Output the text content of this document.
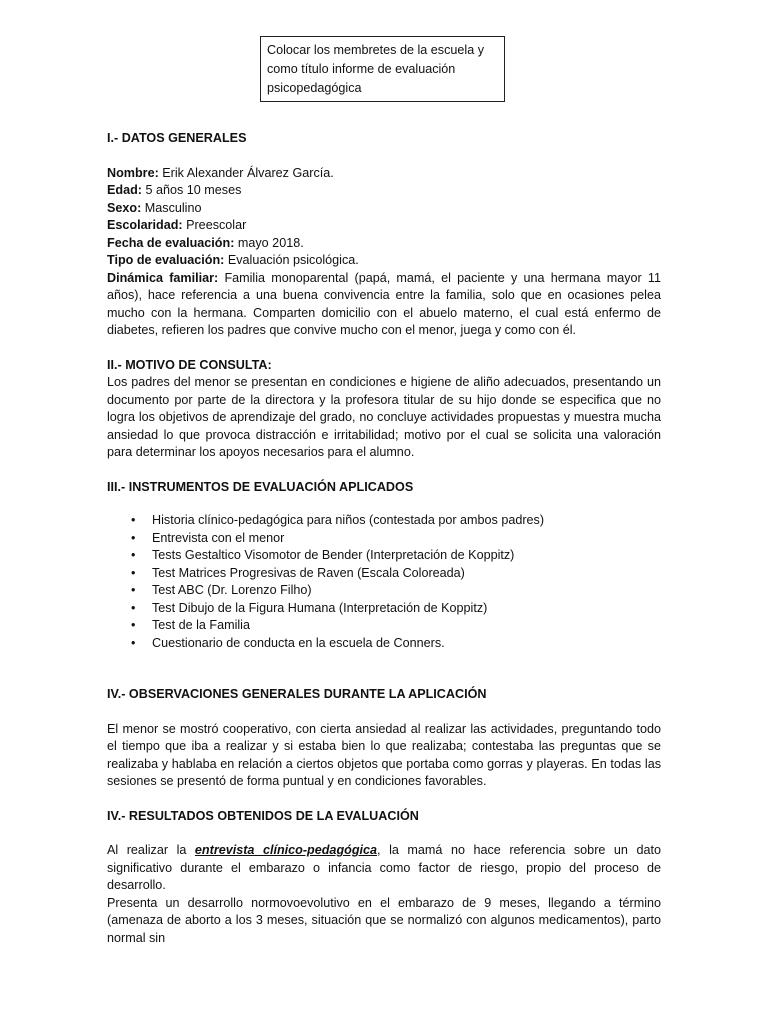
Colocar los membretes de la escuela y
como título informe de evaluación
psicopedagógica

I.- DATOS GENERALES

Nombre: Erik Alexander Álvarez García.

Edad: 5 años 10 meses

Sexo: Masculino

Escolaridad: Preescolar

Fecha de evaluación: mayo 2018.

Tipo de evaluación: Evaluación psicológica.

Dinámica familiar: Familia monoparental (papá, mamá, el paciente y una hermana mayor 11 años), hace referencia a una buena convivencia entre la familia, solo que en ocasiones pelea mucho con la hermana. Comparten domicilio con el abuelo materno, el cual está enfermo de diabetes, refieren los padres que convive mucho con el menor, juega y como con él.

II.- MOTIVO DE CONSULTA:

Los padres del menor se presentan en condiciones e higiene de aliño adecuados, presentando un documento por parte de la directora y la profesora titular de su hijo donde se especifica que no logra los objetivos de aprendizaje del grado, no concluye actividades propuestas y muestra mucha ansiedad lo que provoca distracción e irritabilidad; motivo por el cual se solicita una valoración para determinar los apoyos necesarios para el alumno.

III.- INSTRUMENTOS DE EVALUACIÓN APLICADOS

• Historia clínico-pedagógica para niños (contestada por ambos padres)
• Entrevista con el menor
• Tests Gestaltico Visomotor de Bender (Interpretación de Koppitz)
• Test Matrices Progresivas de Raven (Escala Coloreada)
• Test ABC (Dr. Lorenzo Filho)
• Test Dibujo de la Figura Humana (Interpretación de Koppitz)
• Test de la Familia
• Cuestionario de conducta en la escuela de Conners.

IV.- OBSERVACIONES GENERALES DURANTE LA APLICACIÓN

El menor se mostró cooperativo, con cierta ansiedad al realizar las actividades, preguntando todo el tiempo que iba a realizar y si estaba bien lo que realizaba; contestaba las preguntas que se realizaba y hablaba en relación a ciertos objetos que portaba como gorras y playeras. En todas las sesiones se presentó de forma puntual y en condiciones favorables.

IV.- RESULTADOS OBTENIDOS DE LA EVALUACIÓN

Al realizar la entrevista clínico-pedagógica, la mamá no hace referencia sobre un dato significativo durante el embarazo o infancia como factor de riesgo, propio del proceso de desarrollo.

Presenta un desarrollo normovoevolutivo en el embarazo de 9 meses, llegando a término (amenaza de aborto a los 3 meses, situación que se normalizó con algunos medicamentos), parto normal sin
